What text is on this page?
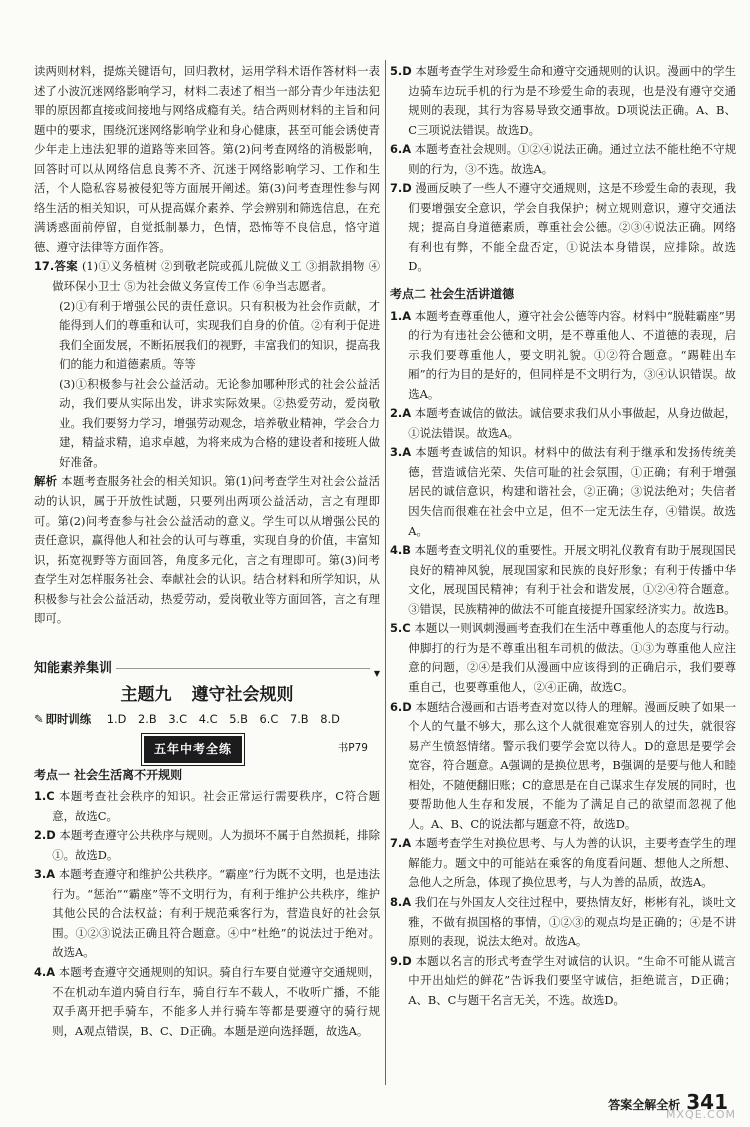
读两则材料，提炼关键语句，回归教材，运用学科术语作答材料一表述了小波沉迷网络影响学习，材料二表述了相当一部分青少年违法犯罪的原因都直接或间接地与网络成瘾有关。结合两则材料的主旨和问题中的要求，围绕沉迷网络影响学业和身心健康，甚至可能会诱使青少年走上违法犯罪的道路等来回答。第(2)问考查网络的消极影响，回答时可以从网络信息良莠不齐、沉迷于网络影响学习、工作和生活，个人隐私容易被侵犯等方面展开阐述。第(3)问考查理性参与网络生活的相关知识，可从提高媒介素养、学会辨别和筛选信息，在充满诱惑面前停留，自觉抵制暴力，色情，恐怖等不良信息，恪守道德、遵守法律等方面作答。

17.答案 (1)①义务植树 ②到敬老院或孤儿院做义工 ③捐款捐物 ④做环保小卫士 ⑤为社会做义务宣传工作 ⑥争当志愿者。

(2)①有利于增强公民的责任意识。只有积极为社会作贡献，才能得到人们的尊重和认可，实现我们自身的价值。②有利于促进我们全面发展，不断拓展我们的视野，丰富我们的知识，提高我们的能力和道德素质。等等

(3)①积极参与社会公益活动。无论参加哪种形式的社会公益活动，我们要从实际出发，讲求实际效果。②热爱劳动，爱岗敬业。我们要努力学习，增强劳动观念，培养敬业精神，学会合力建，精益求精，追求卓越，为将来成为合格的建设者和接班人做好准备。

解析 本题考查服务社会的相关知识。第(1)问考查学生对社会公益活动的认识，属于开放性试题，只要列出两项公益活动，言之有理即可。第(2)问考查参与社会公益活动的意义。学生可以从增强公民的责任意识，赢得他人和社会的认可与尊重，实现自身的价值，丰富知识，拓宽视野等方面回答，角度多元化，言之有理即可。第(3)问考查学生对怎样服务社会、奉献社会的认识。结合材料和所学知识，从积极参与社会公益活动，热爱劳动，爱岗敬业等方面回答，言之有理即可。

知能素养集训	▼
主题九 遵守社会规则
✎ 即时训练 1.D 2.B 3.C 4.C 5.B 6.C 7.B 8.D
五年中考全练	书P79
考点一 社会生活离不开规则

1.C 本题考查社会秩序的知识。社会正常运行需要秩序，C符合题意，故选C。

2.D 本题考查遵守公共秩序与规则。人为损坏不属于自然损耗，排除①。故选D。

3.A 本题考查遵守和维护公共秩序。“霸座”行为既不文明，也是违法行为。“惩治”“霸座”等不文明行为，有利于维护公共秩序，维护其他公民的合法权益；有利于规范乘客行为，营造良好的社会氛围。①②③说法正确且符合题意。④中“杜绝”的说法过于绝对。故选A。

4.A 本题考查遵守交通规则的知识。骑自行车要自觉遵守交通规则，不在机动车道内骑自行车，骑自行车不载人，不收听广播，不能双手离开把手骑车，不能多人并行骑车等都是要遵守的骑行规则，A观点错误，B、C、D正确。本题是逆向选择题，故选A。

5.D 本题考查学生对珍爱生命和遵守交通规则的认识。漫画中的学生边骑车边玩手机的行为是不珍爱生命的表现，也是没有遵守交通规则的表现，其行为容易导致交通事故。D项说法正确。A、B、C三项说法错误。故选D。

6.A 本题考查社会规则。①②④说法正确。通过立法不能杜绝不守规则的行为，③不选。故选A。

7.D 漫画反映了一些人不遵守交通规则，这是不珍爱生命的表现，我们要增强安全意识，学会自我保护；树立规则意识，遵守交通法规；提高自身道德素质，尊重社会公德。②③④说法正确。网络有利也有弊，不能全盘否定，①说法本身错误，应排除。故选D。

考点二 社会生活讲道德

1.A 本题考查尊重他人，遵守社会公德等内容。材料中“脱鞋霸座”男的行为有违社会公德和文明，是不尊重他人、不道德的表现，启示我们要尊重他人，要文明礼貌。①②符合题意。“踢鞋出车厢”的行为目的是好的，但同样是不文明行为，③④认识错误。故选A。

2.A 本题考查诚信的做法。诚信要求我们从小事做起，从身边做起，①说法错误。故选A。

3.A 本题考查诚信的知识。材料中的做法有利于继承和发扬传统美德，营造诚信光荣、失信可耻的社会氛围，①正确；有利于增强居民的诚信意识，构建和谐社会，②正确；③说法绝对；失信者因失信而很难在社会中立足，但不一定无法生存，④错误。故选A。

4.B 本题考查文明礼仪的重要性。开展文明礼仪教育有助于展现国民良好的精神风貌，展现国家和民族的良好形象；有利于传播中华文化，展现国民精神；有利于社会和谐发展，①②④符合题意。③错误，民族精神的做法不可能直接提升国家经济实力。故选B。

5.C 本题以一则讽刺漫画考查我们在生活中尊重他人的态度与行动。伸脚打的行为是不尊重出租车司机的做法。①③为尊重他人应注意的问题，②④是我们从漫画中应该得到的正确启示，我们要尊重自己，也要尊重他人，②④正确，故选C。

6.D 本题结合漫画和古语考查对宽以待人的理解。漫画反映了如果一个人的气量不够大，那么这个人就很难宽容别人的过失，就很容易产生愤怒情绪。警示我们要学会宽以待人。D的意思是要学会宽容，符合题意。A强调的是换位思考，B强调的是要与他人和睦相处，不随便翻旧账；C的意思是在自己谋求生存发展的同时，也要帮助他人生存和发展，不能为了满足自己的欲望而忽视了他人。A、B、C的说法都与题意不符，故选D。

7.A 本题考查学生对换位思考、与人为善的认识，主要考查学生的理解能力。题文中的可能站在乘客的角度看问题、想他人之所想、急他人之所急，体现了换位思考，与人为善的品质，故选A。

8.A 我们在与外国友人交往过程中，要热情友好，彬彬有礼，谈吐文雅，不做有损国格的事情，①②③的观点均是正确的；④是不讲原则的表现，说法太绝对。故选A。

9.D 本题以名言的形式考查学生对诚信的认识。“生命不可能从谎言中开出灿烂的鲜花”告诉我们要坚守诚信，拒绝谎言，D正确；A、B、C与题干名言无关，不选。故选D。

答案全解全析 341
MXQE.COM
